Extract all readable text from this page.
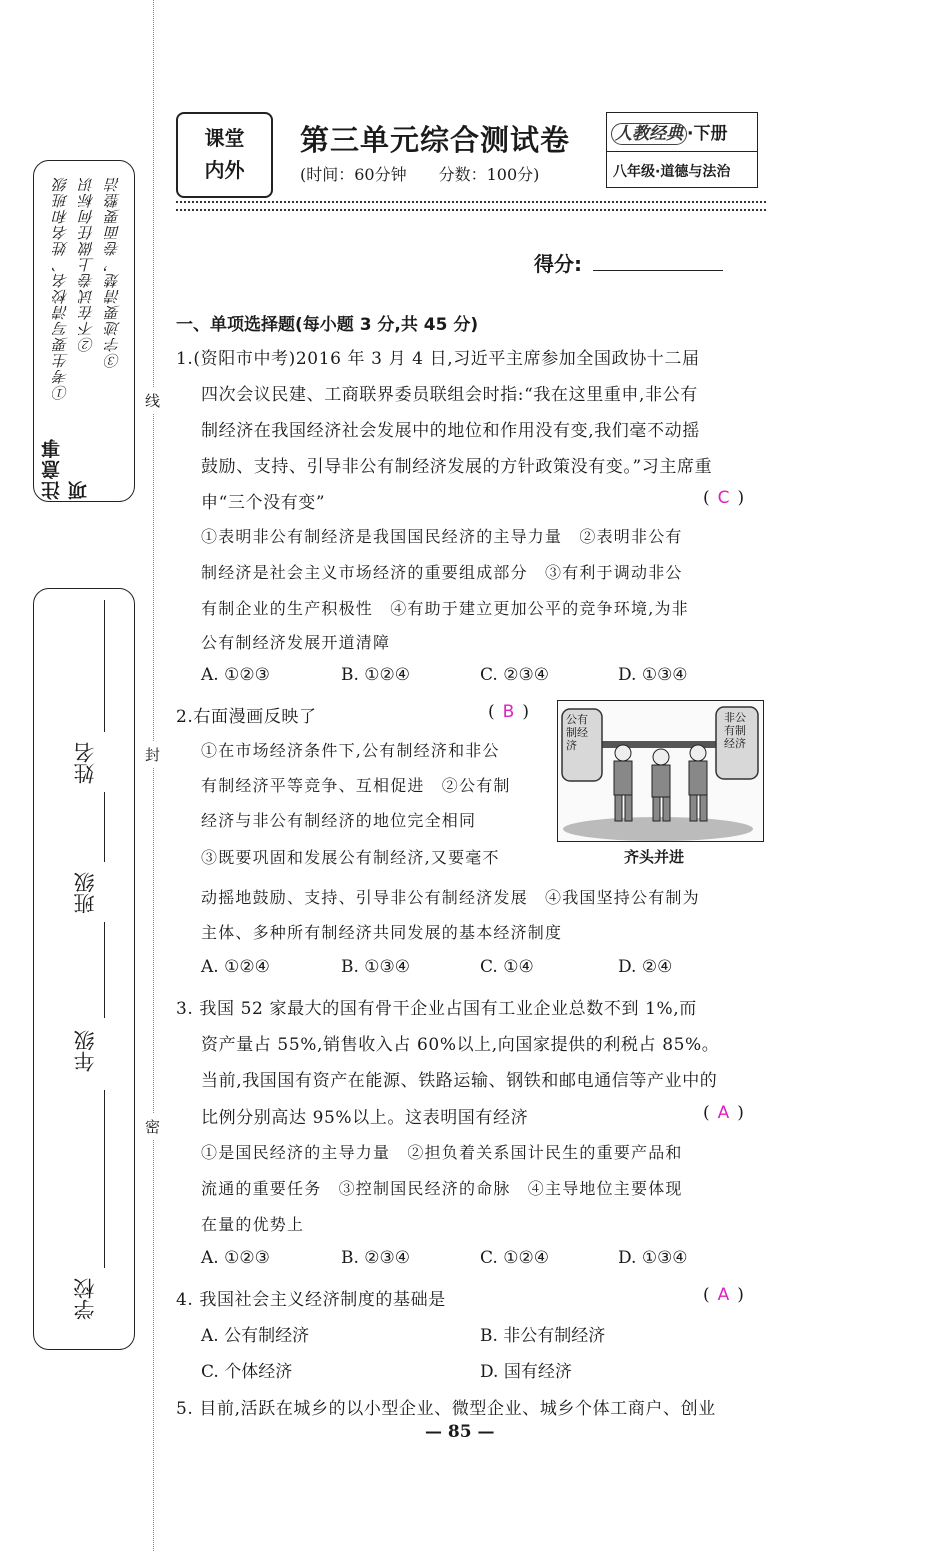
线
封
密
注意事项
①考生要写清校名、姓名和班级 ②不在试卷上做任何标识 ③字迹要清楚，卷面要整洁
姓名
班级
年级
学校
课堂
内外
第三单元综合测试卷
(时间：60分钟　　分数：100分)
人教经典 ·下册
八年级·道德与法治
得分:
一、单项选择题(每小题 3 分,共 45 分)
1.(资阳市中考)2016 年 3 月 4 日,习近平主席参加全国政协十二届
四次会议民建、工商联界委员联组会时指:“我在这里重申,非公有
制经济在我国经济社会发展中的地位和作用没有变,我们毫不动摇
鼓励、支持、引导非公有制经济发展的方针政策没有变。”习主席重
申“三个没有变”	( C )
①表明非公有制经济是我国国民经济的主导力量　②表明非公有
制经济是社会主义市场经济的重要组成部分　③有利于调动非公
有制企业的生产积极性　④有助于建立更加公平的竞争环境,为非
公有制经济发展开道清障
A. ①②③	B. ①②④	C. ②③④	D. ①③④
2.右面漫画反映了	( B )
①在市场经济条件下,公有制经济和非公
有制经济平等竞争、互相促进　②公有制
经济与非公有制经济的地位完全相同
③既要巩固和发展公有制经济,又要毫不
动摇地鼓励、支持、引导非公有制经济发展　④我国坚持公有制为
主体、多种所有制经济共同发展的基本经济制度
A. ①②④	B. ①③④	C. ①④	D. ②④
公有制经济
非公有制经济
齐头并进
3. 我国 52 家最大的国有骨干企业占国有工业企业总数不到 1%,而
资产量占 55%,销售收入占 60%以上,向国家提供的利税占 85%。
当前,我国国有资产在能源、铁路运输、钢铁和邮电通信等产业中的
比例分别高达 95%以上。这表明国有经济	( A )
①是国民经济的主导力量　②担负着关系国计民生的重要产品和
流通的重要任务　③控制国民经济的命脉　④主导地位主要体现
在量的优势上
A. ①②③	B. ②③④	C. ①②④	D. ①③④
4. 我国社会主义经济制度的基础是	( A )
A. 公有制经济	B. 非公有制经济
C. 个体经济	D. 国有经济
5. 目前,活跃在城乡的以小型企业、微型企业、城乡个体工商户、创业
— 85 —
